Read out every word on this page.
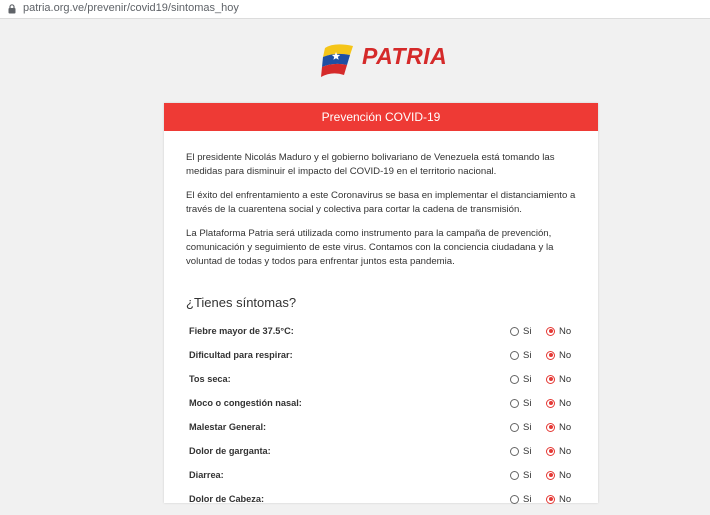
patria.org.ve/prevenir/covid19/sintomas_hoy
PATRIA
Prevención COVID-19

El presidente Nicolás Maduro y el gobierno bolivariano de Venezuela está tomando las medidas para disminuir el impacto del COVID-19 en el territorio nacional.

El éxito del enfrentamiento a este Coronavirus se basa en implementar el distanciamiento a través de la cuarentena social y colectiva para cortar la cadena de transmisión.

La Plataforma Patria será utilizada como instrumento para la campaña de prevención, comunicación y seguimiento de este virus. Contamos con la conciencia ciudadana y la voluntad de todas y todos para enfrentar juntos esta pandemia.

¿Tienes síntomas?
Fiebre mayor de 37.5°C:	Si	No
Dificultad para respirar:	Si	No
Tos seca:	Si	No
Moco o congestión nasal:	Si	No
Malestar General:	Si	No
Dolor de garganta:	Si	No
Diarrea:	Si	No
Dolor de Cabeza:	Si	No
